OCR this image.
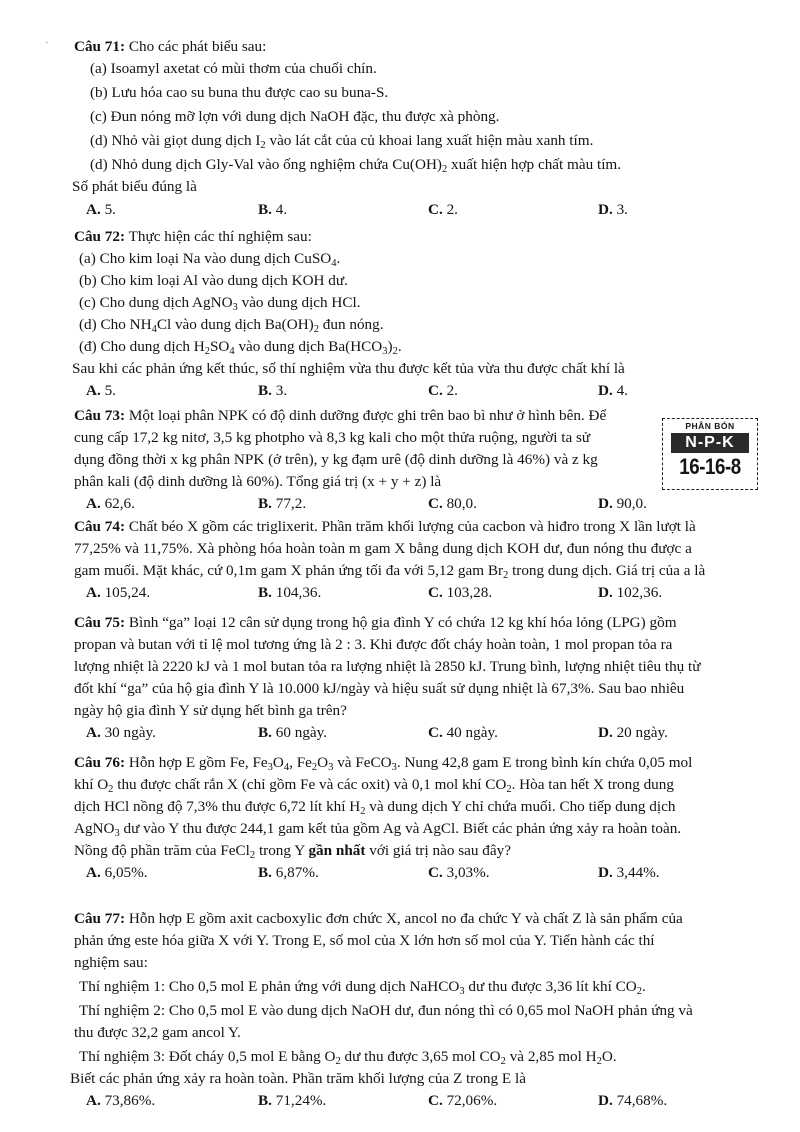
ˋ Câu 71: Cho các phát biểu sau:
(a) Isoamyl axetat có mùi thơm của chuối chín.
(b) Lưu hóa cao su buna thu được cao su buna-S.
(c) Đun nóng mỡ lợn với dung dịch NaOH đặc, thu được xà phòng.
(d) Nhỏ vài giọt dung dịch $I_2$ vào lát cắt của củ khoai lang xuất hiện màu xanh tím.
(d) Nhỏ dung dịch Gly-Val vào ống nghiệm chứa $Cu(OH)_2$ xuất hiện hợp chất màu tím.
Số phát biểu đúng là
A. 5.	B. 4.	C. 2.	D. 3.
Câu 72: Thực hiện các thí nghiệm sau:
(a) Cho kim loại Na vào dung dịch CuSO$_4$.
(b) Cho kim loại Al vào dung dịch KOH dư.
(c) Cho dung dịch AgNO$_3$ vào dung dịch HCl.
(d) Cho $NH_4Cl$ vào dung dịch $Ba(OH)_2$ đun nóng.
(đ) Cho dung dịch $H_2SO_4$ vào dung dịch $Ba(HCO_3)_2$.
Sau khi các phản ứng kết thúc, số thí nghiệm vừa thu được kết tủa vừa thu được chất khí là
A. 5.	B. 3.	C. 2.	D. 4.
Câu 73: Một loại phân NPK có độ dinh dưỡng được ghi trên bao bì như ở hình bên. Để
cung cấp 17,2 kg nitơ, 3,5 kg photpho và 8,3 kg kali cho một thửa ruộng, người ta sử
dụng đồng thời x kg phân NPK (ở trên), y kg đạm urê (độ dinh dưỡng là 46%) và z kg
phân kali (độ dinh dưỡng là 60%). Tổng giá trị (x + y + z) là
A. 62,6.	B. 77,2.	C. 80,0.	D. 90,0.
PHÂN BÓN
N-P-K
16-16-8
Câu 74: Chất béo X gồm các triglixerit. Phần trăm khối lượng của cacbon và hiđro trong X lần lượt là
77,25% và 11,75%. Xà phòng hóa hoàn toàn m gam X bằng dung dịch KOH dư, đun nóng thu được a
gam muối. Mặt khác, cứ 0,1m gam X phản ứng tối đa với 5,12 gam $Br_2$ trong dung dịch. Giá trị của a là
A. 105,24.	B. 104,36.	C. 103,28.	D. 102,36.
Câu 75: Bình “ga” loại 12 cân sử dụng trong hộ gia đình Y có chứa 12 kg khí hóa lỏng (LPG) gồm
propan và butan với tỉ lệ mol tương ứng là 2 : 3. Khi được đốt cháy hoàn toàn, 1 mol propan tỏa ra
lượng nhiệt là 2220 kJ và 1 mol butan tỏa ra lượng nhiệt là 2850 kJ. Trung bình, lượng nhiệt tiêu thụ từ
đốt khí “ga” của hộ gia đình Y là 10.000 kJ/ngày và hiệu suất sử dụng nhiệt là 67,3%. Sau bao nhiêu
ngày hộ gia đình Y sử dụng hết bình ga trên?
A. 30 ngày.	B. 60 ngày.	C. 40 ngày.	D. 20 ngày.
Câu 76: Hỗn hợp E gồm Fe, $Fe_3O_4$, $Fe_2O_3$ và FeCO$_3$. Nung 42,8 gam E trong bình kín chứa 0,05 mol
khí $O_2$ thu được chất rắn X (chỉ gồm Fe và các oxit) và 0,1 mol khí $CO_2$. Hòa tan hết X trong dung
dịch HCl nồng độ 7,3% thu được 6,72 lít khí $H_2$ và dung dịch Y chỉ chứa muối. Cho tiếp dung dịch
AgNO$_3$ dư vào Y thu được 244,1 gam kết tủa gồm Ag và AgCl. Biết các phản ứng xảy ra hoàn toàn.
Nồng độ phần trăm của FeCl$_2$ trong Y gần nhất với giá trị nào sau đây?
A. 6,05%.	B. 6,87%.	C. 3,03%.	D. 3,44%.
Câu 77: Hỗn hợp E gồm axit cacboxylic đơn chức X, ancol no đa chức Y và chất Z là sản phẩm của
phản ứng este hóa giữa X với Y. Trong E, số mol của X lớn hơn số mol của Y. Tiến hành các thí
nghiệm sau:
Thí nghiệm 1: Cho 0,5 mol E phản ứng với dung dịch NaHCO$_3$ dư thu được 3,36 lít khí $CO_2$.
Thí nghiệm 2: Cho 0,5 mol E vào dung dịch NaOH dư, đun nóng thì có 0,65 mol NaOH phản ứng và
thu được 32,2 gam ancol Y.
Thí nghiệm 3: Đốt cháy 0,5 mol E bằng $O_2$ dư thu được 3,65 mol $CO_2$ và 2,85 mol $H_2O$.
Biết các phản ứng xảy ra hoàn toàn. Phần trăm khối lượng của Z trong E là
A. 73,86%.	B. 71,24%.	C. 72,06%.	D. 74,68%.
